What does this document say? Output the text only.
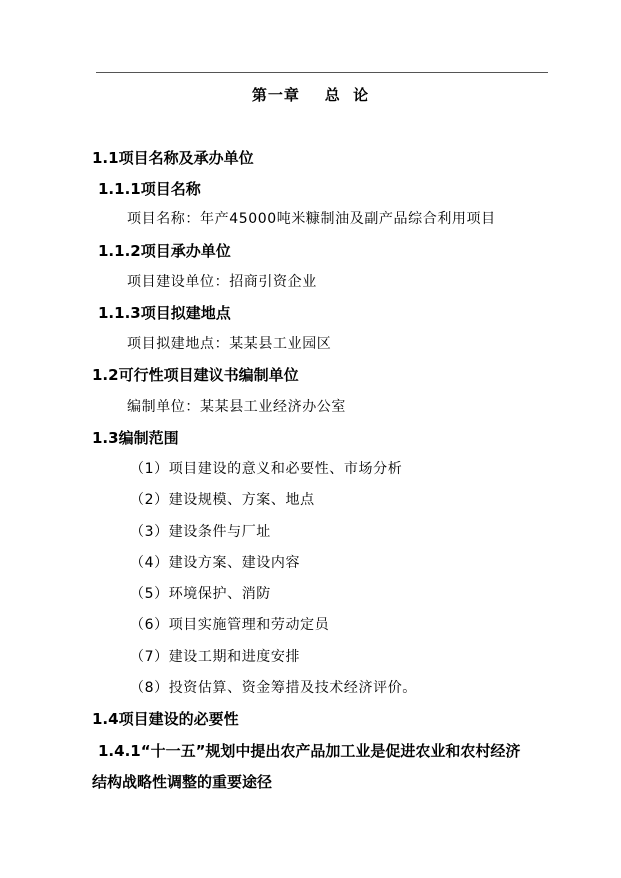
第一章    总  论
1.1项目名称及承办单位
1.1.1项目名称
项目名称：年产45000吨米糠制油及副产品综合利用项目
1.1.2项目承办单位
项目建设单位：招商引资企业
1.1.3项目拟建地点
项目拟建地点：某某县工业园区
1.2可行性项目建议书编制单位
编制单位：某某县工业经济办公室
1.3编制范围
（1）项目建设的意义和必要性、市场分析
（2）建设规模、方案、地点
（3）建设条件与厂址
（4）建设方案、建设内容
（5）环境保护、消防
（6）项目实施管理和劳动定员
（7）建设工期和进度安排
（8）投资估算、资金筹措及技术经济评价。
1.4项目建设的必要性
1.4.1“十一五”规划中提出农产品加工业是促进农业和农村经济
结构战略性调整的重要途径
